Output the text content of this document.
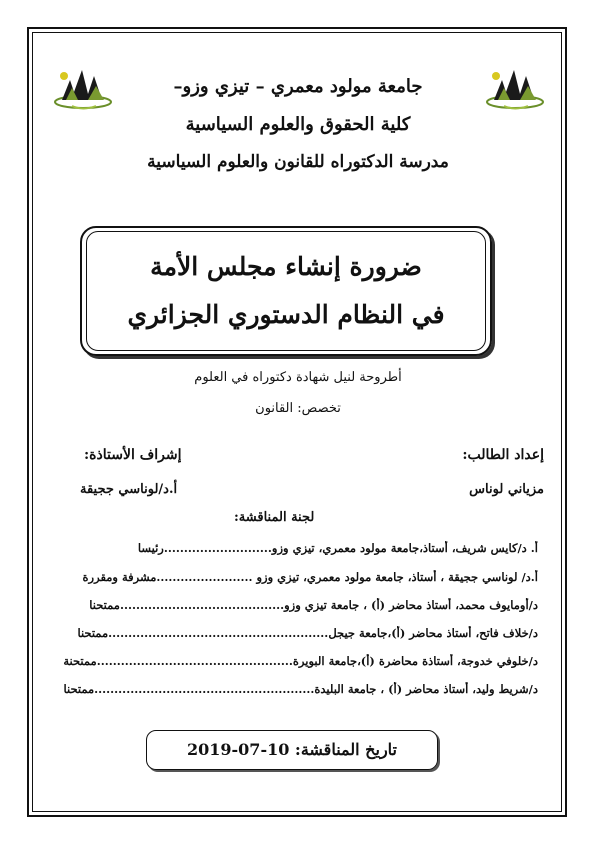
جامعة مولود معمري – تيزي وزو–
كلية الحقوق والعلوم السياسية
مدرسة الدكتوراه للقانون والعلوم السياسية
ضرورة إنشاء مجلس الأمة
في النظام الدستوري الجزائري
أطروحة لنيل شهادة دكتوراه في العلوم
تخصص: القانون
إعداد الطالب:
إشراف الأستاذة:
مزياني لوناس
أ.د/لوناسي ججيقة
لجنة المناقشة:
أ. د/كايس شريف، أستاذ،جامعة مولود معمري، تيزي وزو...........................رئيسا
أ.د/ لوناسي ججيقة ، أستاذ، جامعة مولود معمري، تيزي وزو ........................مشرفة ومقررة
د/أومايوف محمد، أستاذ محاضر (أ) ، جامعة تيزي وزو.........................................ممتحنا
د/خلاف فاتح، أستاذ محاضر (أ)،جامعة جيجل.......................................................ممتحنا
د/خلوفي خدوجة، أستاذة محاضرة (أ)،جامعة البويرة.................................................ممتحنة
د/شريط وليد، أستاذ محاضر (أ) ، جامعة البليدة.......................................................ممتحنا
تاريخ المناقشة: 10-07-2019
